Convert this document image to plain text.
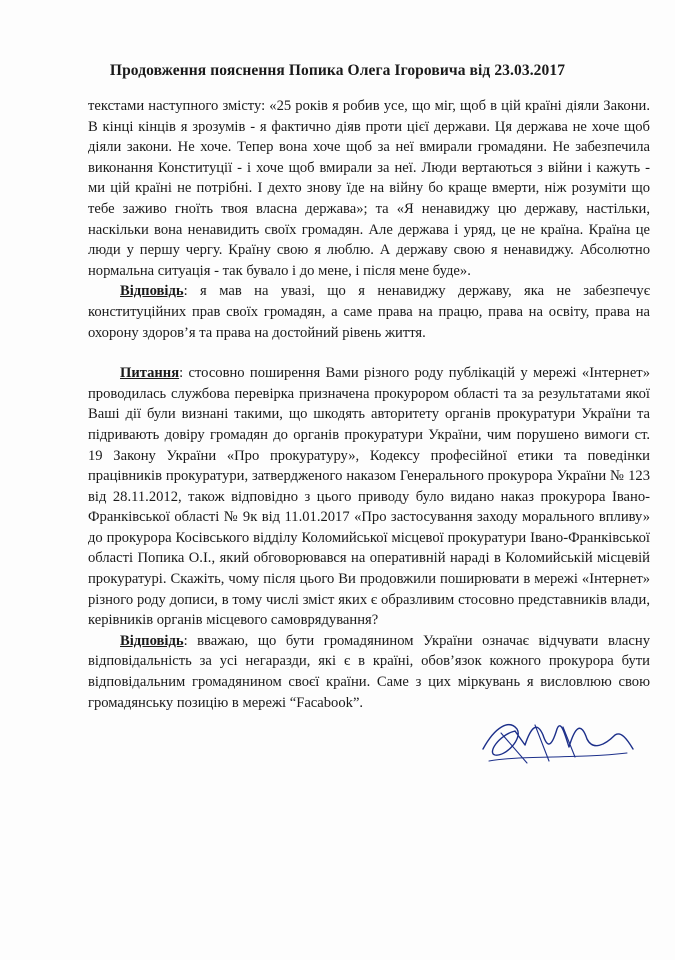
Продовження пояснення Попика Олега Ігоровича від 23.03.2017

текстами наступного змісту: «25 років я робив усе, що міг, щоб в цій країні діяли Закони. В кінці кінців я зрозумів - я фактично діяв проти цієї держави. Ця держава не хоче щоб діяли закони. Не хоче. Тепер вона хоче щоб за неї вмирали громадяни. Не забезпечила виконання Конституції - і хоче щоб вмирали за неї. Люди вертаються з війни і кажуть - ми цій країні не потрібні. І дехто знову їде на війну бо краще вмерти, ніж розуміти що тебе заживо гноїть твоя власна держава»; та «Я ненавиджу цю державу, настільки, наскільки вона ненавидить своїх громадян. Але держава і уряд, це не країна. Країна це люди у першу чергу. Країну свою я люблю. А державу свою я ненавиджу. Абсолютно нормальна ситуація - так бувало і до мене, і після мене буде».

Відповідь: я мав на увазі, що я ненавиджу державу, яка не забезпечує конституційних прав своїх громадян, а саме права на працю, права на освіту, права на охорону здоров’я та права на достойний рівень життя.

Питання: стосовно поширення Вами різного роду публікацій у мережі «Інтернет» проводилась службова перевірка призначена прокурором області та за результатами якої Ваші дії були визнані такими, що шкодять авторитету органів прокуратури України та підривають довіру громадян до органів прокуратури України, чим порушено вимоги ст. 19 Закону України «Про прокуратуру», Кодексу професійної етики та поведінки працівників прокуратури, затвердженого наказом Генерального прокурора України № 123 від 28.11.2012, також відповідно з цього приводу було видано наказ прокурора Івано-Франківської області № 9к від 11.01.2017 «Про застосування заходу морального впливу» до прокурора Косівського відділу Коломийської місцевої прокуратури Івано-Франківської області Попика О.І., який обговорювався на оперативній нараді в Коломийській місцевій прокуратурі. Скажіть, чому після цього Ви продовжили поширювати в мережі «Інтернет» різного роду дописи, в тому числі зміст яких є образливим стосовно представників влади, керівників органів місцевого самоврядування?

Відповідь: вважаю, що бути громадянином України означає відчувати власну відповідальність за усі негаразди, які є в країні, обов’язок кожного прокурора бути відповідальним громадянином своєї країни. Саме з цих міркувань я висловлюю свою громадянську позицію в мережі “Facabook”.
